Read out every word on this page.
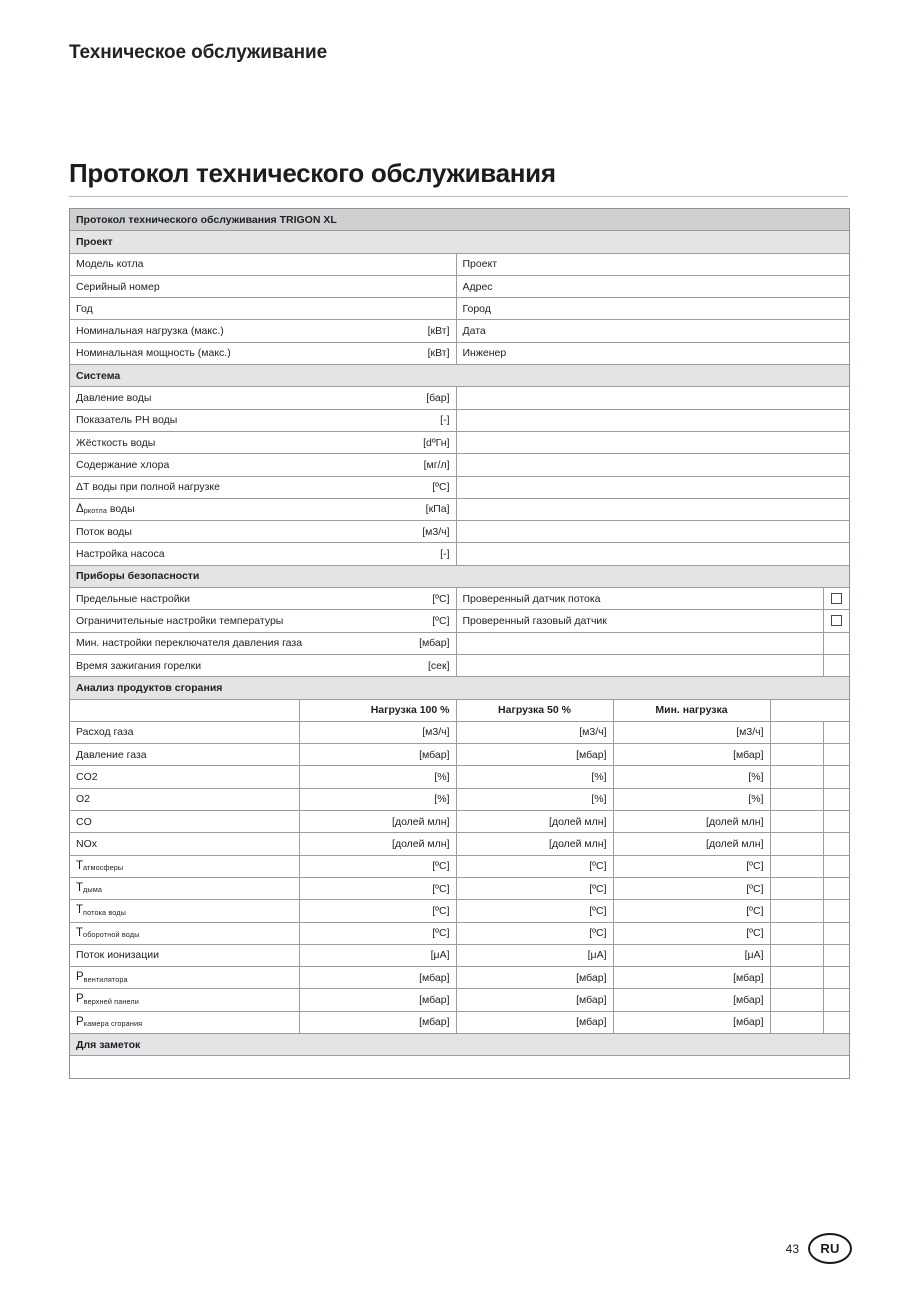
Техническое обслуживание
Протокол технического обслуживания
Протокол технического обслуживания TRIGON XL					
Проект					

Модель котла		Проект			

Серийный номер		Адрес			

Год		Город			

Номинальная нагрузка (макс.) [кВт]		Дата			

Номинальная мощность (макс.) [кВт]		Инженер			
Система					

Давление воды [бар]					

Показатель PH воды [-]					

Жёсткость воды [dºГн]					

Содержание хлора [мг/л]					

ΔТ воды при полной нагрузке [ºC]					

Δркотла воды [кПа]					

Поток воды [м3/ч]					

Настройка насоса [-]					

Приборы безопасности					

Предельные настройки [ºC]		Проверенный датчик потока			

Ограничительные настройки температуры [ºC]		Проверенный газовый датчик			

Мин. настройки переключателя давления газа [мбар]					

Время зажигания горелки [сек]					

Анализ продуктов сгорания					
	Нагрузка 100 %	Нагрузка 50 %	Мин. нагрузка		
Расход газа	[м3/ч]	[м3/ч]	[м3/ч]		
Давление газа	[мбар]	[мбар]	[мбар]		
CO2	[%]	[%]	[%]		
O2	[%]	[%]	[%]		
CO	[долей млн]	[долей млн]	[долей млн]		
NOx	[долей млн]	[долей млн]	[долей млн]		
Татмосферы	[ºC]	[ºC]	[ºC]		
Тдыма	[ºC]	[ºC]	[ºC]		
Тпотока воды	[ºC]	[ºC]	[ºC]		
Тоборотной воды	[ºC]	[ºC]	[ºC]		
Поток ионизации	[μA]	[μA]	[μA]		
Рвентилятора	[мбар]	[мбар]	[мбар]		
Рверхней панели	[мбар]	[мбар]	[мбар]		
Ркамера сгорания	[мбар]	[мбар]	[мбар]		
Для заметок					

43	RU
